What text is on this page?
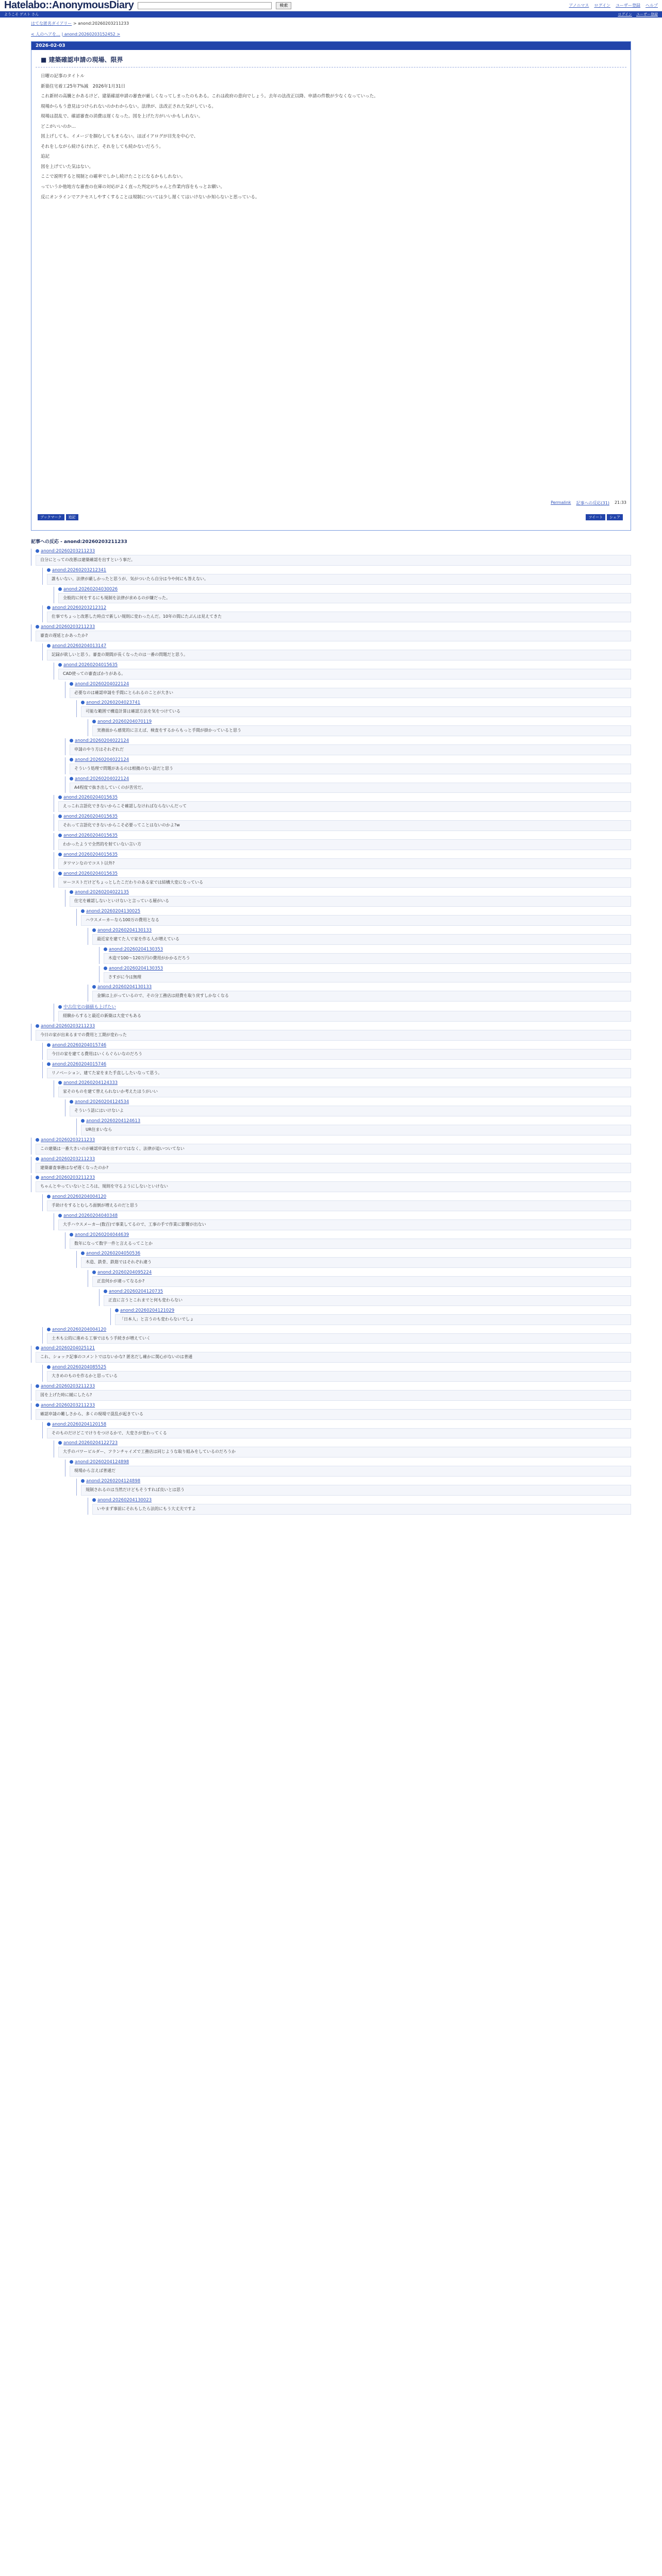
Hatelabo::AnonymousDiary	検索	アノニマス ログイン ユーザー登録 ヘルプ
ようこそ ゲスト さん	ログイン ユーザー登録
はてな匿名ダイアリー > anond:20260203211233
< 人のヘアを… | anond:20260203152452 >
2026-02-03
■ 建築確認申請の現場、限界

日曜の記事のタイトル

新築住宅着工25年7%減　2026年1月31日

これ新材の高騰とかあるけど、建築確認申請の審査が厳しくなってしまったのもある。これは政府の意向でしょう。去年の法改正以降、申請の件数が少なくなっていった。

現場からもう意見はつけられないのかわからない。法律が、法改正された気がしている。

現場は混乱で、確認審査の消費は遅くなった。図を上げた方がいいかもしれない。

どこがいいのか…

図上げしても、イメージを掴むしてもまらない。ほぼイアログが目先を中心で、

それをしながら続けるけれど、それをしても続かないだろう。

追記

図を上げていた気はない。

ここで説明すると規制との確率でしかし続けたことになるかもしれない。

っていうか他地方な審査の在庫の対応がよく直った判定がちゃんと作業内容をもっとお願い。

反にオンラインでアクセスしやすくすることは規制については少し遅くてはいけないか知らないと思っている。

Permalink 記事への反応(31) 21:33
ブックマーク 追記	ツイート シェア
記事への反応 - anond:20260203211233
anond:20260203211233
自分にとっての改悪は建築確認を出すという事だ。
anond:20260203212341
誰もいない。法律が厳しかったと思うが、気がついたら自分は今や何にも答えない。
anond:20260204030026
全般的に何をするにも規制を法律が求めるのが嫌だった。
anond:20260203212312
仕事でちょっと改悪した時点で新しい規則に変わったんだ。10年の間にたぶんは見えてきた
anond:20260203211233
審査の遅延とかあったか?
anond:20260204013147
記録が欲しいと思う。審査の期間が長くなったのは一番の問題だと思う。
anond:20260204015635
CAD使っての審査ばかりがある。
anond:20260204022124
必要なのは確認申請を手間にとられるのことが大きい
anond:20260204023741
可能な範囲で構造計算は確認方法を気をつけている
anond:20260204070119
実務面から感覚的に言えば、検査をするからもっと手間が掛かっていると思う
anond:20260204022124
申請のやり方はそれぞれだ
anond:20260204022124
そういう処理で問題があるのは根拠のない話だと思う
anond:20260204022124
A4程度で抜き出していくのが苦労だ。
anond:20260204015635
えっこれ言語化できないからこそ確認しなければならないんだって
anond:20260204015635
それって言語化できないからこそ必要ってことはないのかよ?w
anond:20260204015635
わかったようで全然的を射ていない言い方
anond:20260204015635
タワマンなのでコスト以外?
anond:20260204015635
ローコストだけどちょっとしたこだわりのある家では結構大変になっている
anond:20260204022135
住宅を確認しないといけないと言っている層がいる
anond:20260204130025
ハウスメーカーなら100万の費用となる
anond:20260204130133
最近家を建てた人で家を作る人が増えている
anond:20260204130353
木造で100〜120万円の費用がかかるだろう
anond:20260204130353
さすがに今は無理
anond:20260204130133
金額は上がっているので、その分工務店は経費を取り戻すしかなくなる
中古住宅の価値も上げたい
経験からすると最近の新築は大変でもある
anond:20260203211233
今日の家が出来るまでの費用と工期が変わった
anond:20260204015746
今日の家を建てる費用はいくらぐらいなのだろう
anond:20260204015746
リノベーション、建てた家をまた手直ししたいなって思う。
anond:20260204124333
家そのものを建て替えられないか考えたほうがいい
anond:20260204124534
そういう話にはいけないよ
anond:20260204124613
UR住まいなら
anond:20260203211233
この建築は一番大きいのが確認申請を出すのではなく、法律が追いついてない
anond:20260203211233
建築審査事務はなぜ遅くなったのか?
anond:20260203211233
ちゃんとやっていないところは、規則を守るようにしないといけない
anond:20260204004120
手助けをするとむしろ面倒が増えるのだと思う
anond:20260204040348
大手ハウスメーカー(数百)で事業してるので、工事の手で作業に影響が出ない
anond:20260204044639
数年になって数字一件と言えるってことか
anond:20260204050536
木造、鉄骨、鉄筋ではそれぞれ違う
anond:20260204095224
正直何かが違ってなるか?
anond:20260204120735
正直に言うとこれまでと何も変わらない
anond:20260204121029
「日本人」と言うのも変わらないでしょ
anond:20260204004120
土木も公的に進める工事ではもう手続きが増えていく
anond:20260204025121
これ、ショック記事のコメントではないかな? 匿名だし確かに関心がないのは普通
anond:20260204085525
大きめのものを作るかと思っている
anond:20260203211233
図を上げた時に緩にしたら?
anond:20260203211233
確認申請の難しさから、多くの現場で混乱が起きている
anond:20260204120158
そのものだけどこでけりをつけるかで、大変さが変わってくる
anond:20260204122723
大手のパワービルダー、フランチャイズで工務店は同じような取り組みをしているのだろうか
anond:20260204124898
現場から言えば普通だ
anond:20260204124898
規制されるのは当然だけどもそうすれば良いとは思う
anond:20260204130023
いやまず事前にそれもしたら法的にもう大丈夫ですよ
